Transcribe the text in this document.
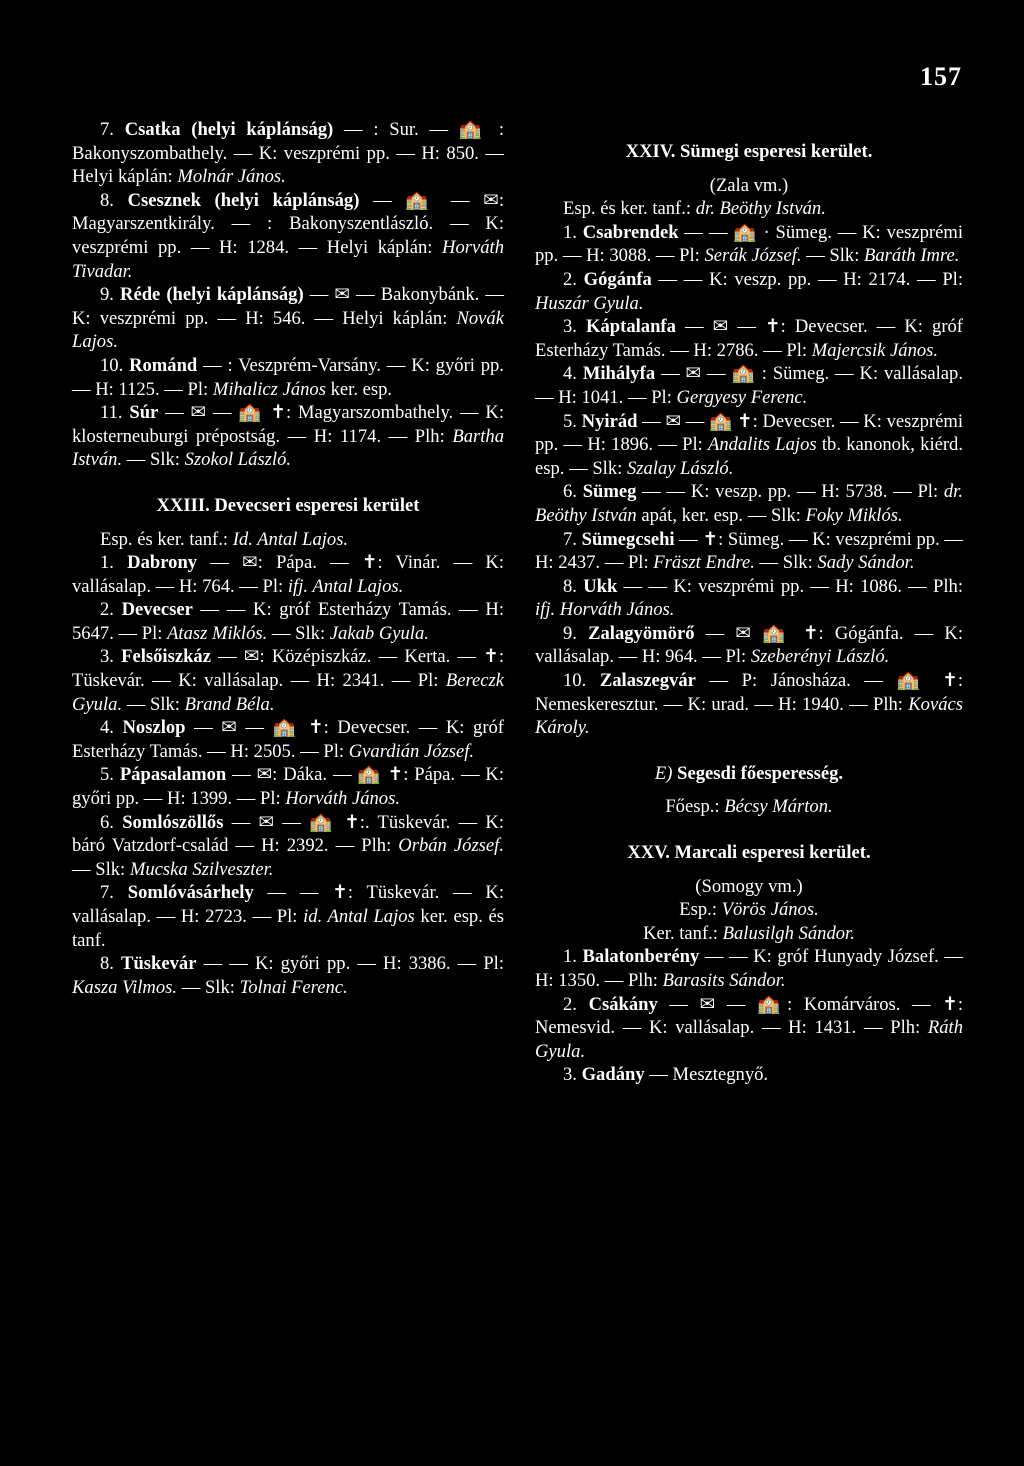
157

7. Csatka (helyi káplánság) — : Sur. — 🏫 : Bakonyszombathely. — K: veszprémi pp. — H: 850. — Helyi káplán: Molnár János.

8. Csesznek (helyi káplánság) — 🏫 — ✉: Magyarszentkirály. — : Bakonyszentlászló. — K: veszprémi pp. — H: 1284. — Helyi káplán: Horváth Tivadar.

9. Réde (helyi káplánság) — ✉ — Bakonybánk. — K: veszprémi pp. — H: 546. — Helyi káplán: Novák Lajos.

10. Románd — : Veszprém-Varsány. — K: győri pp. — H: 1125. — Pl: Mihalicz János ker. esp.

11. Súr — ✉ — 🏫 ✝: Magyarszombathely. — K: klosterneuburgi prépostság. — H: 1174. — Plh: Bartha István. — Slk: Szokol László.

XXIII. Devecseri esperesi kerület

Esp. és ker. tanf.: Id. Antal Lajos.

1. Dabrony — ✉: Pápa. — ✝: Vinár. — K: vallásalap. — H: 764. — Pl: ifj. Antal Lajos.

2. Devecser — — K: gróf Esterházy Tamás. — H: 5647. — Pl: Atasz Miklós. — Slk: Jakab Gyula.

3. Felsőiszkáz — ✉: Középiszkáz. — Kerta. — ✝: Tüskevár. — K: vallásalap. — H: 2341. — Pl: Bereczk Gyula. — Slk: Brand Béla.

4. Noszlop — ✉ — 🏫 ✝: Devecser. — K: gróf Esterházy Tamás. — H: 2505. — Pl: Gvardián József.

5. Pápasalamon — ✉: Dáka. — 🏫 ✝: Pápa. — K: győri pp. — H: 1399. — Pl: Horváth János.

6. Somlószöllős — ✉ — 🏫 ✝:. Tüskevár. — K: báró Vatzdorf-család — H: 2392. — Plh: Orbán József. — Slk: Mucska Szilveszter.

7. Somlóvásárhely — — ✝: Tüskevár. — K: vallásalap. — H: 2723. — Pl: id. Antal Lajos ker. esp. és tanf.

8. Tüskevár — — K: győri pp. — H: 3386. — Pl: Kasza Vilmos. — Slk: Tolnai Ferenc.

XXIV. Sümegi esperesi kerület.

(Zala vm.)

Esp. és ker. tanf.: dr. Beöthy István.

1. Csabrendek — — 🏫 · Sümeg. — K: veszprémi pp. — H: 3088. — Pl: Serák József. — Slk: Baráth Imre.

2. Gógánfa — — K: veszp. pp. — H: 2174. — Pl: Huszár Gyula.

3. Káptalanfa — ✉ — ✝: Devecser. — K: gróf Esterházy Tamás. — H: 2786. — Pl: Majercsik János.

4. Mihályfa — ✉ — 🏫 : Sümeg. — K: vallásalap. — H: 1041. — Pl: Gergyesy Ferenc.

5. Nyirád — ✉ — 🏫 ✝: Devecser. — K: veszprémi pp. — H: 1896. — Pl: Andalits Lajos tb. kanonok, kiérd. esp. — Slk: Szalay László.

6. Sümeg — — K: veszp. pp. — H: 5738. — Pl: dr. Beöthy István apát, ker. esp. — Slk: Foky Miklós.

7. Sümegcsehi — ✝: Sümeg. — K: veszprémi pp. — H: 2437. — Pl: Fräszt Endre. — Slk: Sady Sándor.

8. Ukk — — K: veszprémi pp. — H: 1086. — Plh: ifj. Horváth János.

9. Zalagyömörő — ✉ 🏫 ✝: Gógánfa. — K: vallásalap. — H: 964. — Pl: Szeberényi László.

10. Zalaszegvár — P: Jánosháza. — 🏫 ✝: Nemeskeresztur. — K: urad. — H: 1940. — Plh: Kovács Károly.

E) Segesdi főesperesség.

Főesp.: Bécsy Márton.

XXV. Marcali esperesi kerület.

(Somogy vm.)

Esp.: Vörös János.

Ker. tanf.: Balusilgh Sándor.

1. Balatonberény — — K: gróf Hunyady József. — H: 1350. — Plh: Barasits Sándor.

2. Csákány — ✉ — 🏫: Komárváros. — ✝: Nemesvid. — K: vallásalap. — H: 1431. — Plh: Ráth Gyula.

3. Gadány — Mesztegnyő.
